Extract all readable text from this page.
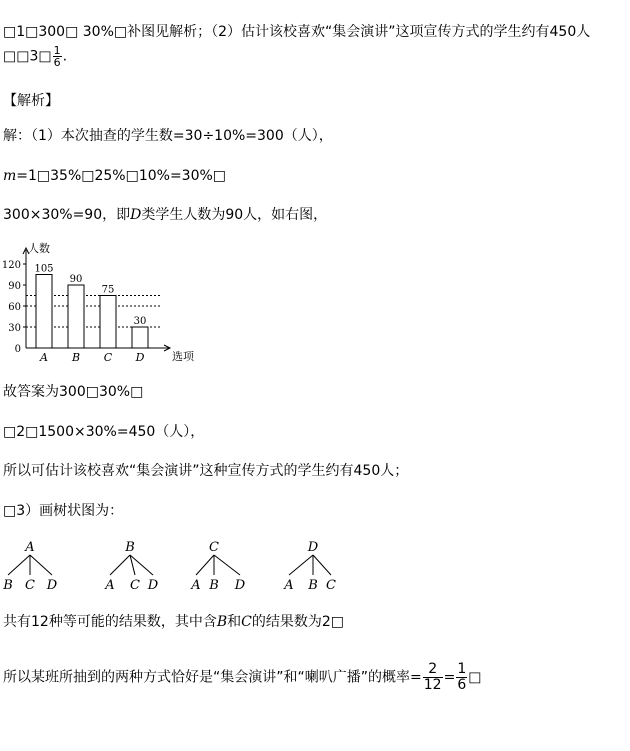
□1□300□ 30%□补图见解析；（2）估计该校喜欢“集会演讲”这项宣传方式的学生约有450人
□□3□ $\frac{1}{6}$ .
【解析】
解：（1）本次抽查的学生数=30÷10%=300（人），
m=1□35%□25%□10%=30%□
300×30%=90，即D类学生人数为90人，如右图，
人数
选项
0
30
60
90
120 105
A
90
B
75
C
30
D
故答案为300□30%□
□2□1500×30%=450（人），
所以可估计该校喜欢“集会演讲”这种宣传方式的学生约有450人；
□3）画树状图为：
A
B C D
B
A C D
C
A B D
D
A B C
共有12种等可能的结果数，其中含B和C的结果数为2□
所以某班所抽到的两种方式恰好是“集会演讲”和“喇叭广播”的概率= $\frac{2}{12} = \frac{1}{6}$ □
